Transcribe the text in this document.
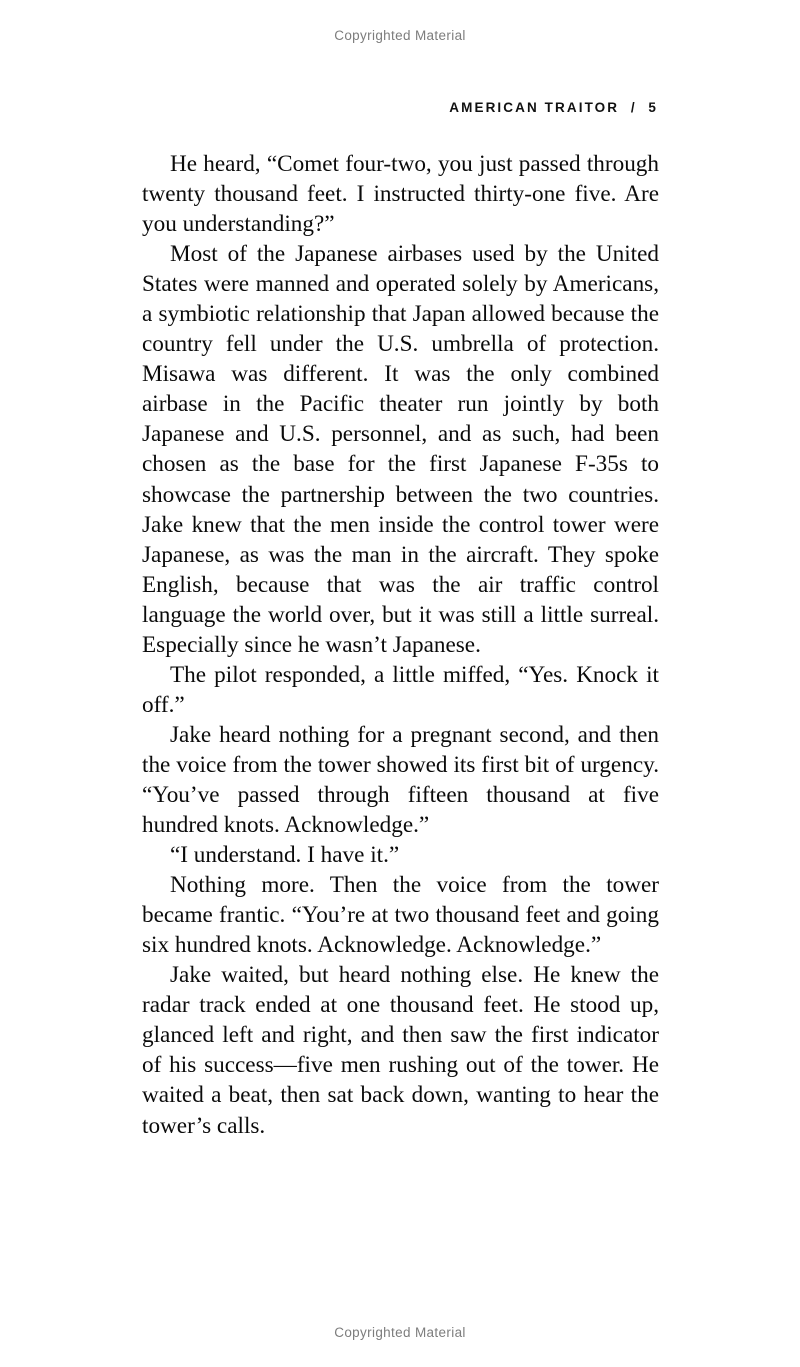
Copyrighted Material
AMERICAN TRAITOR  /  5

He heard, “Comet four-two, you just passed through twenty thousand feet. I instructed thirty-one five. Are you understanding?”

Most of the Japanese airbases used by the United States were manned and operated solely by Americans, a symbiotic relationship that Japan allowed because the country fell under the U.S. umbrella of protection. Misawa was different. It was the only combined airbase in the Pacific theater run jointly by both Japanese and U.S. personnel, and as such, had been chosen as the base for the first Japanese F-35s to showcase the partnership between the two countries. Jake knew that the men inside the control tower were Japanese, as was the man in the aircraft. They spoke English, because that was the air traffic control language the world over, but it was still a little surreal. Especially since he wasn’t Japanese.

The pilot responded, a little miffed, “Yes. Knock it off.”

Jake heard nothing for a pregnant second, and then the voice from the tower showed its first bit of urgency. “You’ve passed through fifteen thousand at five hundred knots. Acknowledge.”

“I understand. I have it.”

Nothing more. Then the voice from the tower became frantic. “You’re at two thousand feet and going six hundred knots. Acknowledge. Acknowledge.”

Jake waited, but heard nothing else. He knew the radar track ended at one thousand feet. He stood up, glanced left and right, and then saw the first indicator of his success—five men rushing out of the tower. He waited a beat, then sat back down, wanting to hear the tower’s calls.

Copyrighted Material
